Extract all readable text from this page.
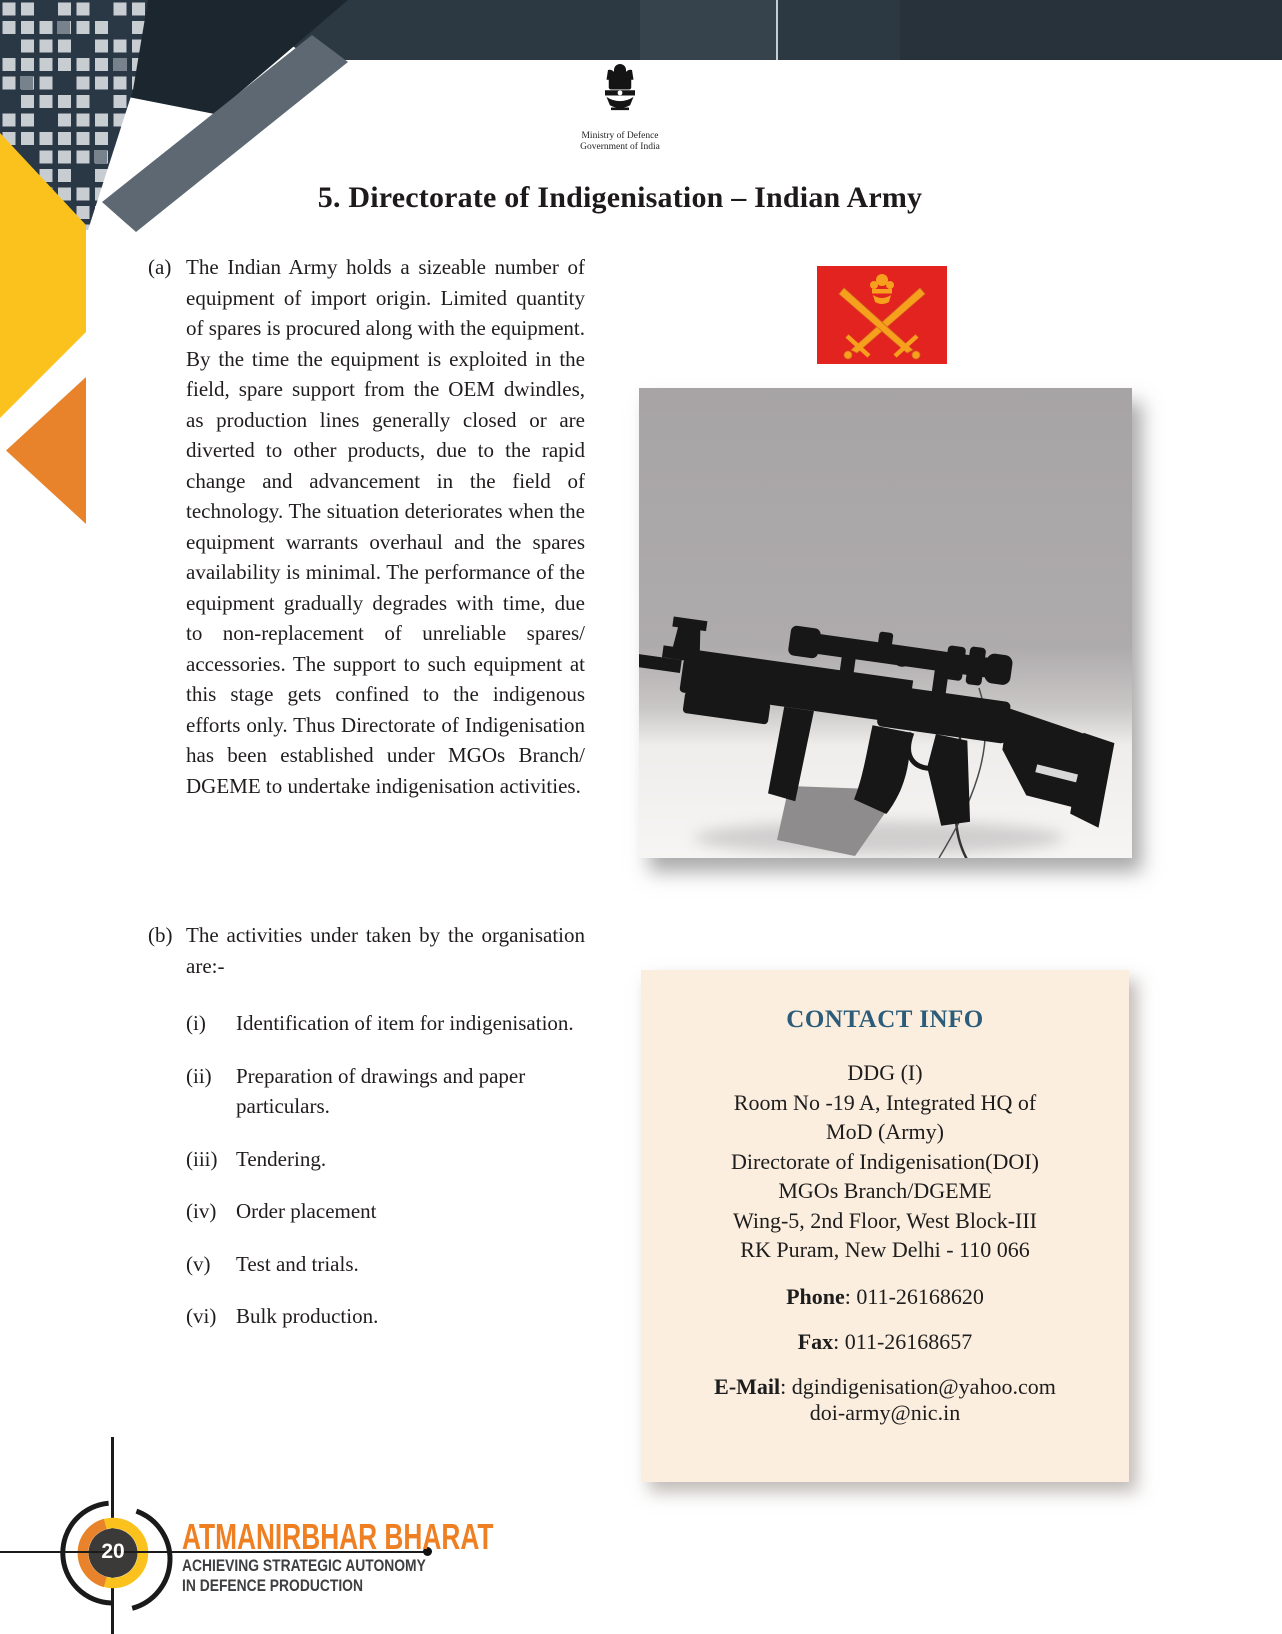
Ministry of Defence
Government of India
5. Directorate of Indigenisation – Indian Army
(a) The Indian Army holds a sizeable number of equipment of import origin. Limited quantity of spares is procured along with the equipment. By the time the equipment is exploited in the field, spare support from the OEM dwindles, as production lines generally closed or are diverted to other products, due to the rapid change and advancement in the field of technology. The situation deteriorates when the equipment warrants overhaul and the spares availability is minimal. The performance of the equipment gradually degrades with time, due to non-replacement of unreliable spares/ accessories. The support to such equipment at this stage gets confined to the indigenous efforts only. Thus Directorate of Indigenisation has been established under MGOs Branch/ DGEME to undertake indigenisation activities.
(b) The activities under taken by the organisation are:-
(i)	Identification of item for indigenisation.
(ii)	Preparation of drawings and paper particulars.
(iii) Tendering.
(iv) Order placement
(v)	Test and trials.
(vi) Bulk production.
CONTACT INFO
DDG (I)
Room No -19 A, Integrated HQ of
MoD (Army)
Directorate of Indigenisation(DOI)
MGOs Branch/DGEME
Wing-5, 2nd Floor, West Block-III
RK Puram, New Delhi - 110 066
Phone: 011-26168620
Fax: 011-26168657
E-Mail: dgindigenisation@yahoo.com
doi-army@nic.in
20 ATMANIRBHAR BHARAT
ACHIEVING STRATEGIC AUTONOMY
IN DEFENCE PRODUCTION
